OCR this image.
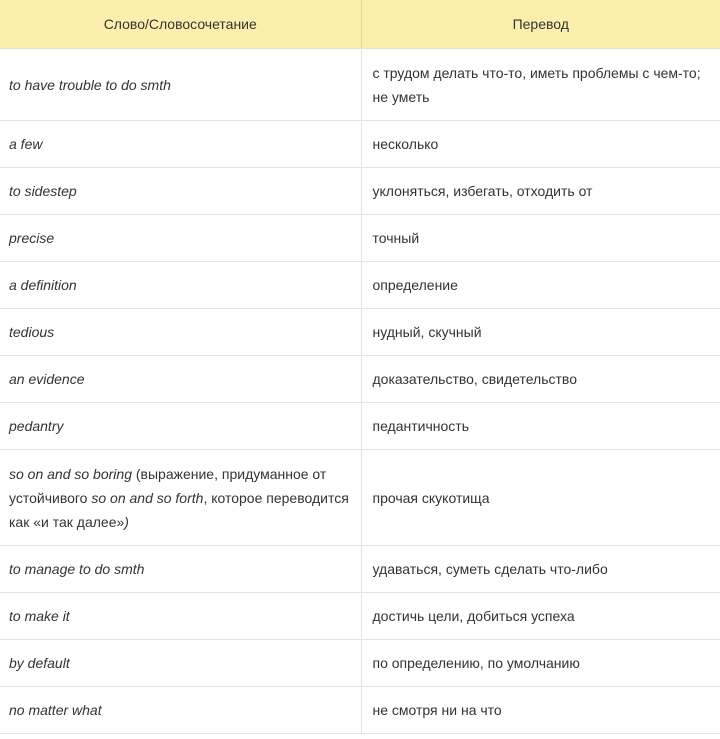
Слово/Словосочетание	Перевод
to have trouble to do smth	с трудом делать что-то, иметь проблемы с чем-то; не уметь
a few	несколько
to sidestep	уклоняться, избегать, отходить от
precise	точный
a definition	определение
tedious	нудный, скучный
an evidence	доказательство, свидетельство
pedantry	педантичность
so on and so boring (выражение, придуманное от устойчивого so on and so forth, которое переводится как «и так далее»)	прочая скукотища
to manage to do smth	удаваться, суметь сделать что-либо
to make it	достичь цели, добиться успеха
by default	по определению, по умолчанию
no matter what	не смотря ни на что
